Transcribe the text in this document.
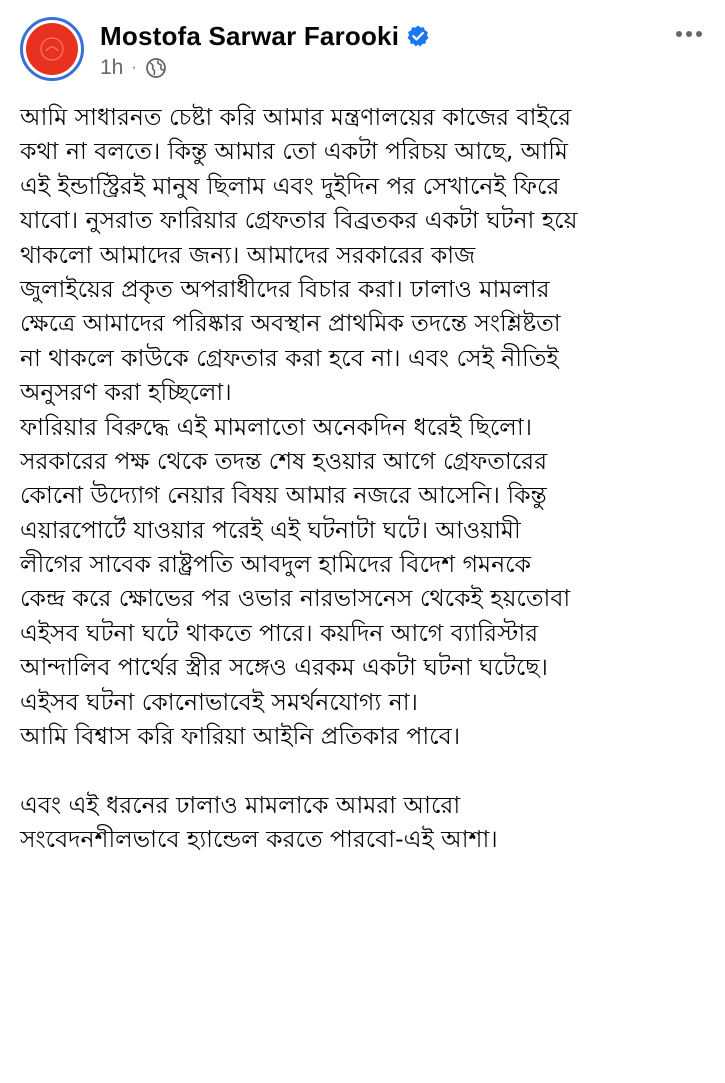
Mostofa Sarwar Farooki
1h ·
আমি সাধারনত চেষ্টা করি আমার মন্ত্রণালয়ের কাজের বাইরে
কথা না বলতে। কিন্তু আমার তো একটা পরিচয় আছে, আমি
এই ইন্ডাস্ট্রিরই মানুষ ছিলাম এবং দুইদিন পর সেখানেই ফিরে
যাবো। নুসরাত ফারিয়ার গ্রেফতার বিব্রতকর একটা ঘটনা হয়ে
থাকলো আমাদের জন্য। আমাদের সরকারের কাজ
জুলাইয়ের প্রকৃত অপরাধীদের বিচার করা। ঢালাও মামলার
ক্ষেত্রে আমাদের পরিষ্কার অবস্থান প্রাথমিক তদন্তে সংশ্লিষ্টতা
না থাকলে কাউকে গ্রেফতার করা হবে না। এবং সেই নীতিই
অনুসরণ করা হচ্ছিলো।
ফারিয়ার বিরুদ্ধে এই মামলাতো অনেকদিন ধরেই ছিলো।
সরকারের পক্ষ থেকে তদন্ত শেষ হওয়ার আগে গ্রেফতারের
কোনো উদ্যোগ নেয়ার বিষয় আমার নজরে আসেনি। কিন্তু
এয়ারপোর্টে যাওয়ার পরেই এই ঘটনাটা ঘটে। আওয়ামী
লীগের সাবেক রাষ্ট্রপতি আবদুল হামিদের বিদেশ গমনকে
কেন্দ্র করে ক্ষোভের পর ওভার নারভাসনেস থেকেই হয়তোবা
এইসব ঘটনা ঘটে থাকতে পারে। কয়দিন আগে ব্যারিস্টার
আন্দালিব পার্থের স্ত্রীর সঙ্গেও এরকম একটা ঘটনা ঘটেছে।
এইসব ঘটনা কোনোভাবেই সমর্থনযোগ্য না।
আমি বিশ্বাস করি ফারিয়া আইনি প্রতিকার পাবে।
এবং এই ধরনের ঢালাও মামলাকে আমরা আরো
সংবেদনশীলভাবে হ্যান্ডেল করতে পারবো-এই আশা।
